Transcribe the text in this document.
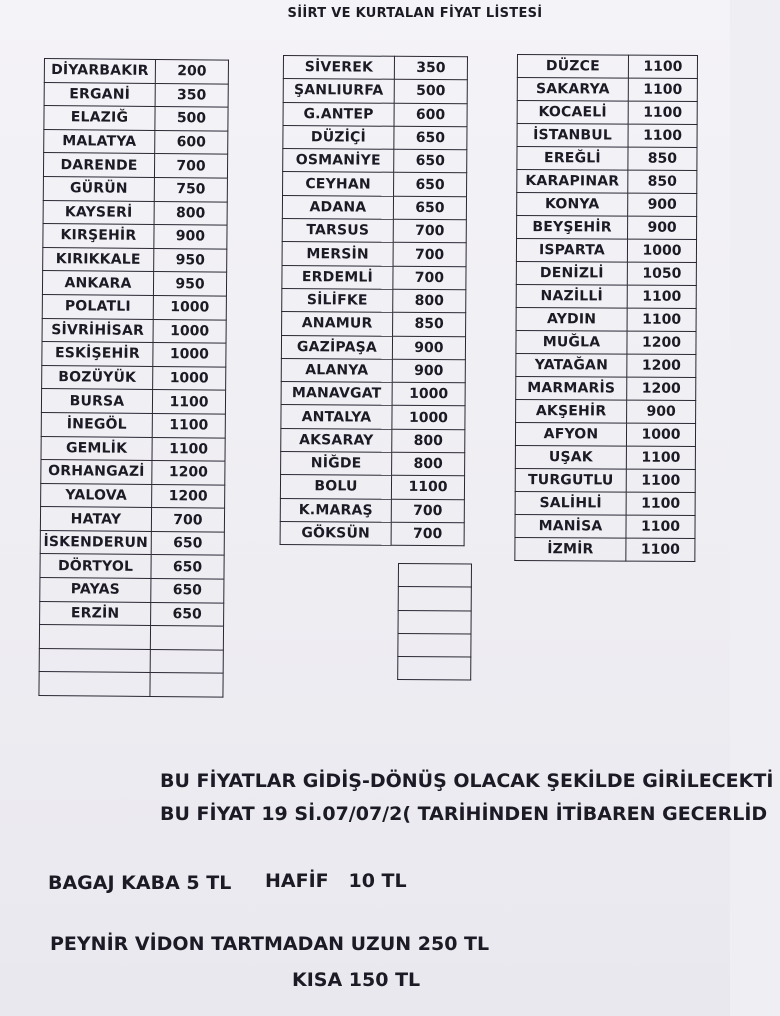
SİİRT VE KURTALAN FİYAT LİSTESİ
DİYARBAKIR	200
ERGANİ	350
ELAZIĞ	500
MALATYA	600
DARENDE	700
GÜRÜN	750
KAYSERİ	800
KIRŞEHİR	900
KIRIKKALE	950
ANKARA	950
POLATLI	1000
SİVRİHİSAR	1000
ESKİŞEHİR	1000
BOZÜYÜK	1000
BURSA	1100
İNEGÖL	1100
GEMLİK	1100
ORHANGAZİ	1200
YALOVA	1200
HATAY	700
İSKENDERUN	650
DÖRTYOL	650
PAYAS	650
ERZİN	650

SİVEREK	350
ŞANLIURFA	500
G.ANTEP	600
DÜZİÇİ	650
OSMANİYE	650
CEYHAN	650
ADANA	650
TARSUS	700
MERSİN	700
ERDEMLİ	700
SİLİFKE	800
ANAMUR	850
GAZİPAŞA	900
ALANYA	900
MANAVGAT	1000
ANTALYA	1000
AKSARAY	800
NİĞDE	800
BOLU	1100
K.MARAŞ	700
GÖKSÜN	700

DÜZCE	1100
SAKARYA	1100
KOCAELİ	1100
İSTANBUL	1100
EREĞLİ	850
KARAPINAR	850
KONYA	900
BEYŞEHİR	900
ISPARTA	1000
DENİZLİ	1050
NAZİLLİ	1100
AYDIN	1100
MUĞLA	1200
YATAĞAN	1200
MARMARİS	1200
AKŞEHİR	900
AFYON	1000
UŞAK	1100
TURGUTLU	1100
SALİHLİ	1100
MANİSA	1100
İZMİR	1100
BU FİYATLAR GİDİŞ-DÖNÜŞ OLACAK ŞEKİLDE GİRİLECEKTİ
BU FİYAT 19 Sİ.07/07/2( TARİHİNDEN İTİBAREN GECERLİD
BAGAJ KABA 5 TL HAFİF   10 TL
PEYNİR VİDON TARTMADAN UZUN 250 TL
KISA 150 TL
